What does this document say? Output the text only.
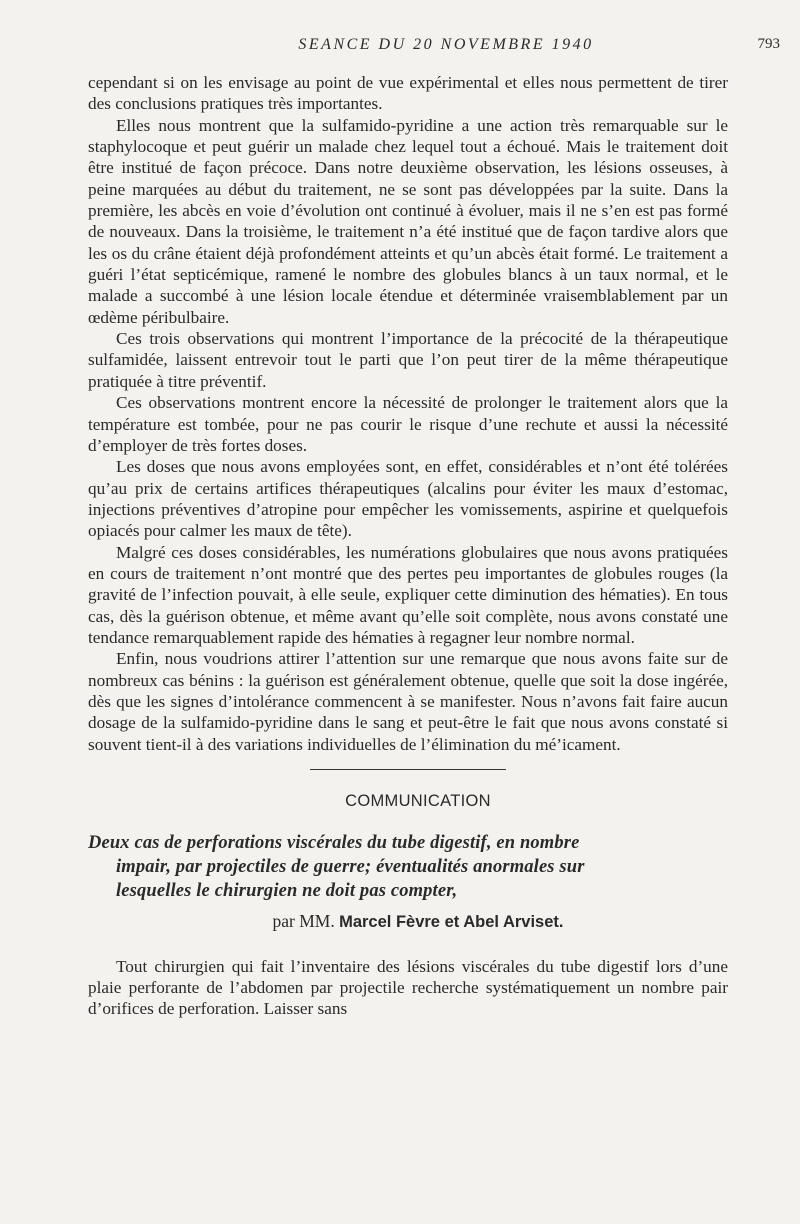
SEANCE DU 20 NOVEMBRE 1940	793

cependant si on les envisage au point de vue expérimental et elles nous permettent de tirer des conclusions pratiques très importantes.

Elles nous montrent que la sulfamido-pyridine a une action très remarquable sur le staphylocoque et peut guérir un malade chez lequel tout a échoué. Mais le traitement doit être institué de façon précoce. Dans notre deuxième observation, les lésions osseuses, à peine marquées au début du traitement, ne se sont pas développées par la suite. Dans la première, les abcès en voie d’évolution ont continué à évoluer, mais il ne s’en est pas formé de nouveaux. Dans la troisième, le traitement n’a été institué que de façon tardive alors que les os du crâne étaient déjà profondément atteints et qu’un abcès était formé. Le traitement a guéri l’état septicémique, ramené le nombre des globules blancs à un taux normal, et le malade a succombé à une lésion locale étendue et déterminée vraisemblablement par un œdème péribulbaire.

Ces trois observations qui montrent l’importance de la précocité de la thérapeutique sulfamidée, laissent entrevoir tout le parti que l’on peut tirer de la même thérapeutique pratiquée à titre préventif.

Ces observations montrent encore la nécessité de prolonger le traitement alors que la température est tombée, pour ne pas courir le risque d’une rechute et aussi la nécessité d’employer de très fortes doses.

Les doses que nous avons employées sont, en effet, considérables et n’ont été tolérées qu’au prix de certains artifices thérapeutiques (alcalins pour éviter les maux d’estomac, injections préventives d’atropine pour empêcher les vomissements, aspirine et quelquefois opiacés pour calmer les maux de tête).

Malgré ces doses considérables, les numérations globulaires que nous avons pratiquées en cours de traitement n’ont montré que des pertes peu importantes de globules rouges (la gravité de l’infection pouvait, à elle seule, expliquer cette diminution des hématies). En tous cas, dès la guérison obtenue, et même avant qu’elle soit complète, nous avons constaté une tendance remarquablement rapide des hématies à regagner leur nombre normal.

Enfin, nous voudrions attirer l’attention sur une remarque que nous avons faite sur de nombreux cas bénins : la guérison est généralement obtenue, quelle que soit la dose ingérée, dès que les signes d’intolérance commencent à se manifester. Nous n’avons fait faire aucun dosage de la sulfamido-pyridine dans le sang et peut-être le fait que nous avons constaté si souvent tient-il à des variations individuelles de l’élimination du mé’icament.

COMMUNICATION
Deux cas de perforations viscérales du tube digestif, en nombre
impair, par projectiles de guerre; éventualités anormales sur
lesquelles le chirurgien ne doit pas compter,
par MM. Marcel Fèvre et Abel Arviset.

Tout chirurgien qui fait l’inventaire des lésions viscérales du tube digestif lors d’une plaie perforante de l’abdomen par projectile recherche systématiquement un nombre pair d’orifices de perforation. Laisser sans
